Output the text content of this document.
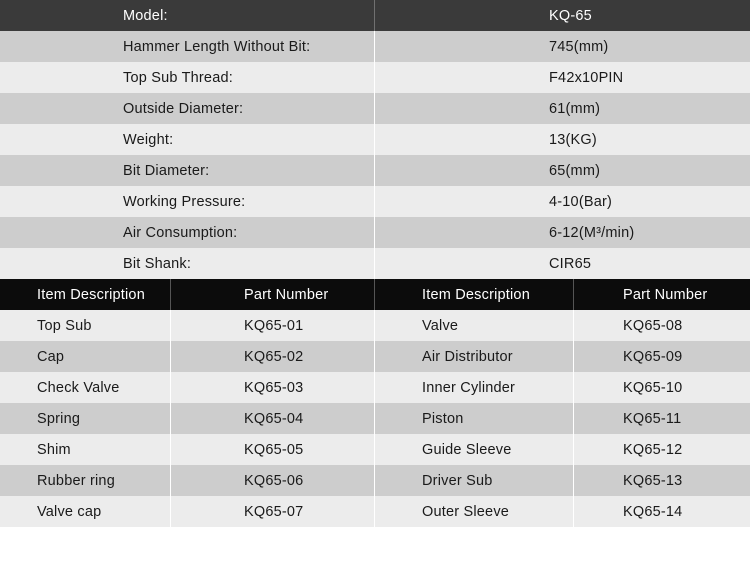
Model:	KQ-65
Hammer Length Without Bit:	745(mm)
Top Sub Thread:	F42x10PIN
Outside Diameter:	61(mm)
Weight:	13(KG)
Bit Diameter:	65(mm)
Working Pressure:	4-10(Bar)
Air Consumption:	6-12(M³/min)
Bit Shank:	CIR65
Item Description	Part Number	Item Description	Part Number
Top Sub	KQ65-01	Valve	KQ65-08
Cap	KQ65-02	Air Distributor	KQ65-09
Check Valve	KQ65-03	Inner Cylinder	KQ65-10
Spring	KQ65-04	Piston	KQ65-11
Shim	KQ65-05	Guide Sleeve	KQ65-12
Rubber ring	KQ65-06	Driver Sub	KQ65-13
Valve cap	KQ65-07	Outer Sleeve	KQ65-14
